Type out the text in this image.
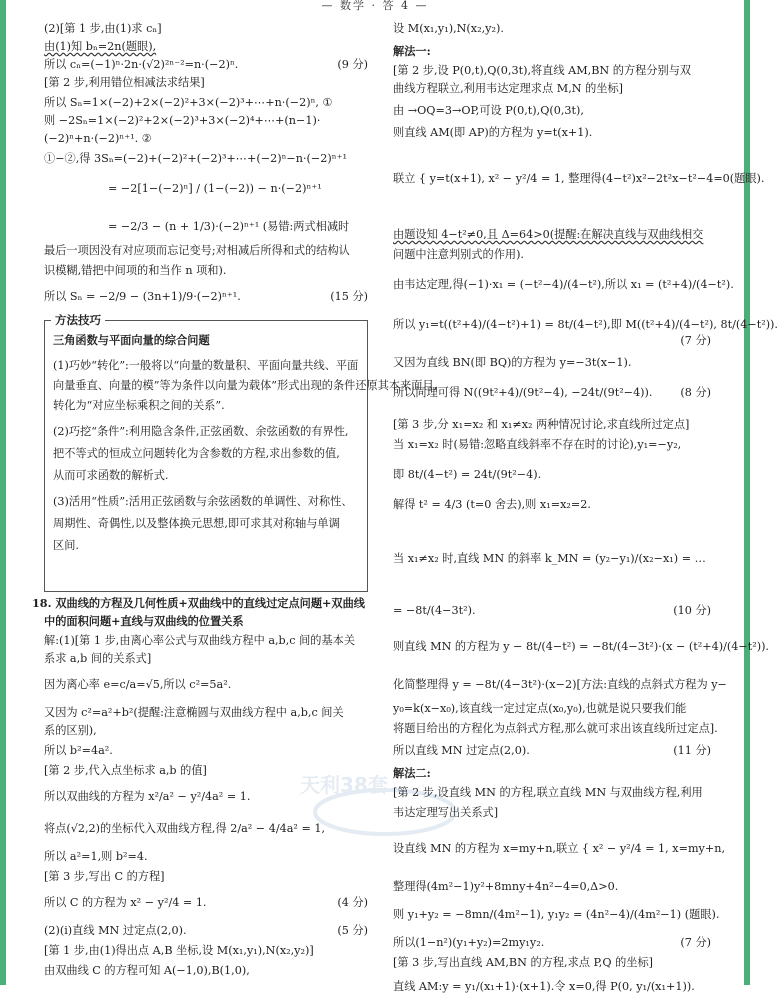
— 数学 · 答 4 —
(2)[第 1 步,由(1)求 cₙ]
由(1)知 bₙ=2n(题眼),
所以 cₙ=(−1)ⁿ·2n·(√2)²ⁿ⁻²=n·(−2)ⁿ.	(9 分)
[第 2 步,利用错位相减法求结果]
所以 Sₙ=1×(−2)+2×(−2)²+3×(−2)³+⋯+n·(−2)ⁿ, ①
则 −2Sₙ=1×(−2)²+2×(−2)³+3×(−2)⁴+⋯+(n−1)·
(−2)ⁿ+n·(−2)ⁿ⁺¹. ②
①−②,得 3Sₙ=(−2)+(−2)²+(−2)³+⋯+(−2)ⁿ−n·(−2)ⁿ⁺¹
= −2[1−(−2)ⁿ] / (1−(−2)) − n·(−2)ⁿ⁺¹
= −2/3 − (n + 1/3)·(−2)ⁿ⁺¹ (易错:两式相减时
最后一项因没有对应项而忘记变号;对相减后所得和式的结构认
识模糊,错把中间项的和当作 n 项和).
所以 Sₙ = −2/9 − (3n+1)/9·(−2)ⁿ⁺¹.	(15 分)
方法技巧
三角函数与平面向量的综合问题
(1)巧妙“转化”:一般将以“向量的数量积、平面向量共线、平面
向量垂直、向量的模”等为条件以向量为载体”形式出现的条件还原其本来面目,
转化为“对应坐标乘积之间的关系”.
(2)巧挖“条件”:利用隐含条件,正弦函数、余弦函数的有界性,
把不等式的恒成立问题转化为含参数的方程,求出参数的值,
从而可求函数的解析式.
(3)活用“性质”:活用正弦函数与余弦函数的单调性、对称性、
周期性、奇偶性,以及整体换元思想,即可求其对称轴与单调
区间.
18. 双曲线的方程及几何性质+双曲线中的直线过定点问题+双曲线
中的面积问题+直线与双曲线的位置关系
解:(1)[第 1 步,由离心率公式与双曲线方程中 a,b,c 间的基本关
系求 a,b 间的关系式]
因为离心率 e=c/a=√5,所以 c²=5a².
又因为 c²=a²+b²(提醒:注意椭圆与双曲线方程中 a,b,c 间关
系的区别),
所以 b²=4a².
[第 2 步,代入点坐标求 a,b 的值]
所以双曲线的方程为 x²/a² − y²/4a² = 1.
将点(√2,2)的坐标代入双曲线方程,得 2/a² − 4/4a² = 1,
所以 a²=1,则 b²=4.
[第 3 步,写出 C 的方程]
所以 C 的方程为 x² − y²/4 = 1.	(4 分)
(2)(ⅰ)直线 MN 过定点(2,0).	(5 分)
[第 1 步,由(1)得出点 A,B 坐标,设 M(x₁,y₁),N(x₂,y₂)]
由双曲线 C 的方程可知 A(−1,0),B(1,0),
设 M(x₁,y₁),N(x₂,y₂).
解法一:
[第 2 步,设 P(0,t),Q(0,3t),将直线 AM,BN 的方程分别与双
曲线方程联立,利用韦达定理求点 M,N 的坐标]
由 →OQ=3→OP,可设 P(0,t),Q(0,3t),
则直线 AM(即 AP)的方程为 y=t(x+1).
联立 { y=t(x+1), x² − y²/4 = 1, 整理得(4−t²)x²−2t²x−t²−4=0(题眼).
由题设知 4−t²≠0,且 Δ=64>0(提醒:在解决直线与双曲线相交
问题中注意判别式的作用).
由韦达定理,得(−1)·x₁ = (−t²−4)/(4−t²),所以 x₁ = (t²+4)/(4−t²).
所以 y₁=t((t²+4)/(4−t²)+1) = 8t/(4−t²),即 M((t²+4)/(4−t²), 8t/(4−t²)).
(7 分)
又因为直线 BN(即 BQ)的方程为 y=−3t(x−1).
所以同理可得 N((9t²+4)/(9t²−4), −24t/(9t²−4)).	(8 分)
[第 3 步,分 x₁=x₂ 和 x₁≠x₂ 两种情况讨论,求直线所过定点]
当 x₁=x₂ 时(易错:忽略直线斜率不存在时的讨论),y₁=−y₂,
即 8t/(4−t²) = 24t/(9t²−4).
解得 t² = 4/3 (t=0 舍去),则 x₁=x₂=2.
当 x₁≠x₂ 时,直线 MN 的斜率 k_MN = (y₂−y₁)/(x₂−x₁) = …
= −8t/(4−3t²).	(10 分)
则直线 MN 的方程为 y − 8t/(4−t²) = −8t/(4−3t²)·(x − (t²+4)/(4−t²)).
化简整理得 y = −8t/(4−3t²)·(x−2)[方法:直线的点斜式方程为 y−
y₀=k(x−x₀),该直线一定过定点(x₀,y₀),也就是说只要我们能
将题目给出的方程化为点斜式方程,那么就可求出该直线所过定点].
所以直线 MN 过定点(2,0).	(11 分)
解法二:
[第 2 步,设直线 MN 的方程,联立直线 MN 与双曲线方程,利用
韦达定理写出关系式]
设直线 MN 的方程为 x=my+n,联立 { x² − y²/4 = 1, x=my+n,
整理得(4m²−1)y²+8mny+4n²−4=0,Δ>0.
则 y₁+y₂ = −8mn/(4m²−1), y₁y₂ = (4n²−4)/(4m²−1) (题眼).
所以(1−n²)(y₁+y₂)=2my₁y₂.	(7 分)
[第 3 步,写出直线 AM,BN 的方程,求点 P,Q 的坐标]
直线 AM:y = y₁/(x₁+1)·(x+1).令 x=0,得 P(0, y₁/(x₁+1)).
天利38套
